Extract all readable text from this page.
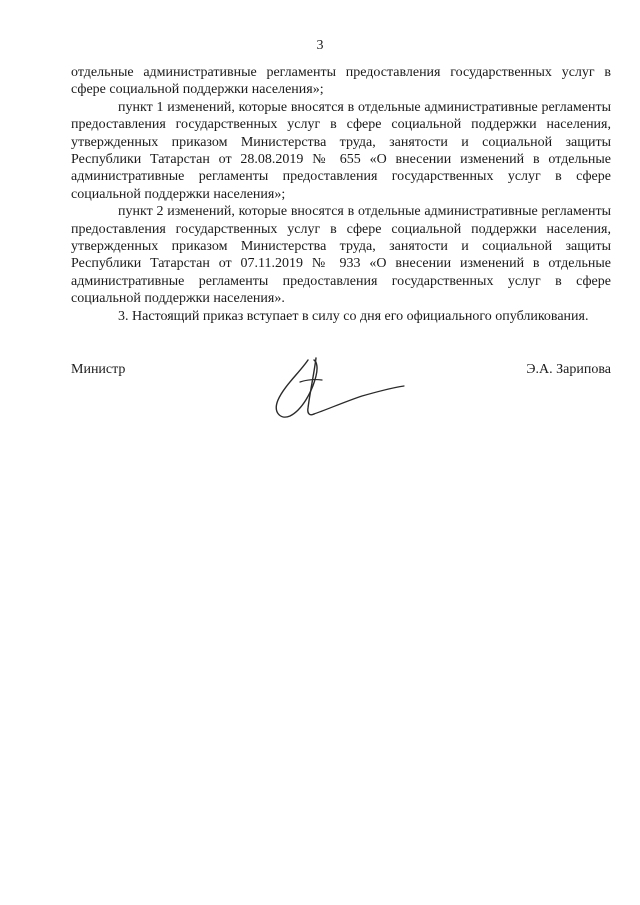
3

отдельные административные регламенты предоставления государственных услуг в сфере социальной поддержки населения»;

пункт 1 изменений, которые вносятся в отдельные административные регламенты предоставления государственных услуг в сфере социальной поддержки населения, утвержденных приказом Министерства труда, занятости и социальной защиты Республики Татарстан от 28.08.2019 № 655 «О внесении изменений в отдельные административные регламенты предоставления государственных услуг в сфере социальной поддержки населения»;

пункт 2 изменений, которые вносятся в отдельные административные регламенты предоставления государственных услуг в сфере социальной поддержки населения, утвержденных приказом Министерства труда, занятости и социальной защиты Республики Татарстан от 07.11.2019 № 933 «О внесении изменений в отдельные административные регламенты предоставления государственных услуг в сфере социальной поддержки населения».

3. Настоящий приказ вступает в силу со дня его официального опубликования.

Министр	Э.А. Зарипова
